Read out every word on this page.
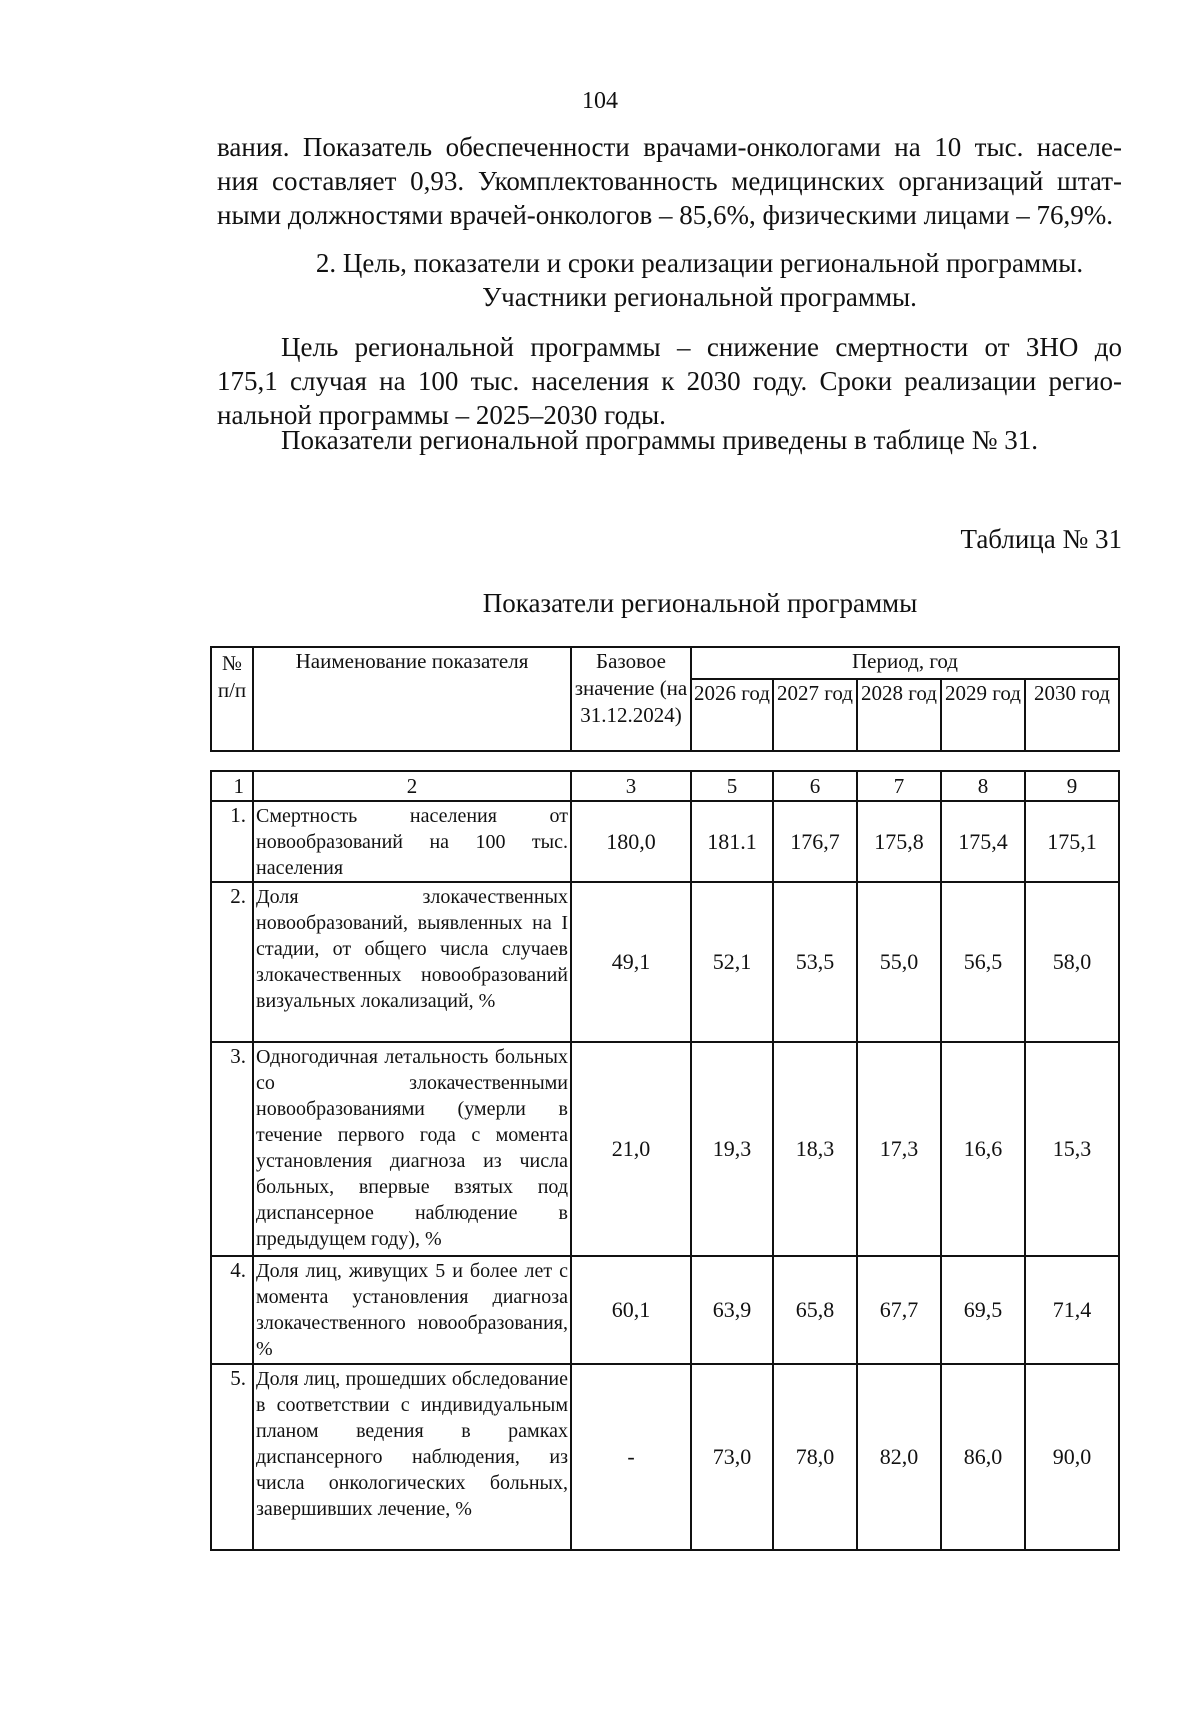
104
вания. Показатель обеспеченности врачами-онкологами на 10 тыс. населе-
ния составляет 0,93. Укомплектованность медицинских организаций штат-
ными должностями врачей-онкологов – 85,6%, физическими лицами – 76,9%.
2. Цель, показатели и сроки реализации региональной программы.
Участники региональной программы.
Цель региональной программы – снижение смертности от ЗНО до
175,1 случая на 100 тыс. населения к 2030 году. Сроки реализации регио-
нальной программы – 2025–2030 годы.
Показатели региональной программы приведены в таблице № 31.
Таблица № 31
Показатели региональной программы
№ п/п	Наименование показателя	Базовое значение (на 31.12.2024)	Период, год				
			2026 год	2027 год	2028 год	2029 год	2030 год
1	2	3	5	6	7	8	9
1.	Смертность населения от новообразований на 100 тыс. населения	180,0	181.1	176,7	175,8	175,4	175,1
2.	Доля злокачественных новообразований, выявленных на I стадии, от общего числа случаев злокачественных новообразований визуальных локализаций, %	49,1	52,1	53,5	55,0	56,5	58,0
3.	Одногодичная летальность больных со злокачественными новообразованиями (умерли в течение первого года с момента установления диагноза из числа больных, впервые взятых под диспансерное наблюдение в предыдущем году), %	21,0	19,3	18,3	17,3	16,6	15,3
4.	Доля лиц, живущих 5 и более лет с момента установления диагноза злокачественного новообразования, %	60,1	63,9	65,8	67,7	69,5	71,4
5.	Доля лиц, прошедших обследование в соответствии с индивидуальным планом ведения в рамках диспансерного наблюдения, из числа онкологических больных, завершивших лечение, %	-	73,0	78,0	82,0	86,0	90,0
